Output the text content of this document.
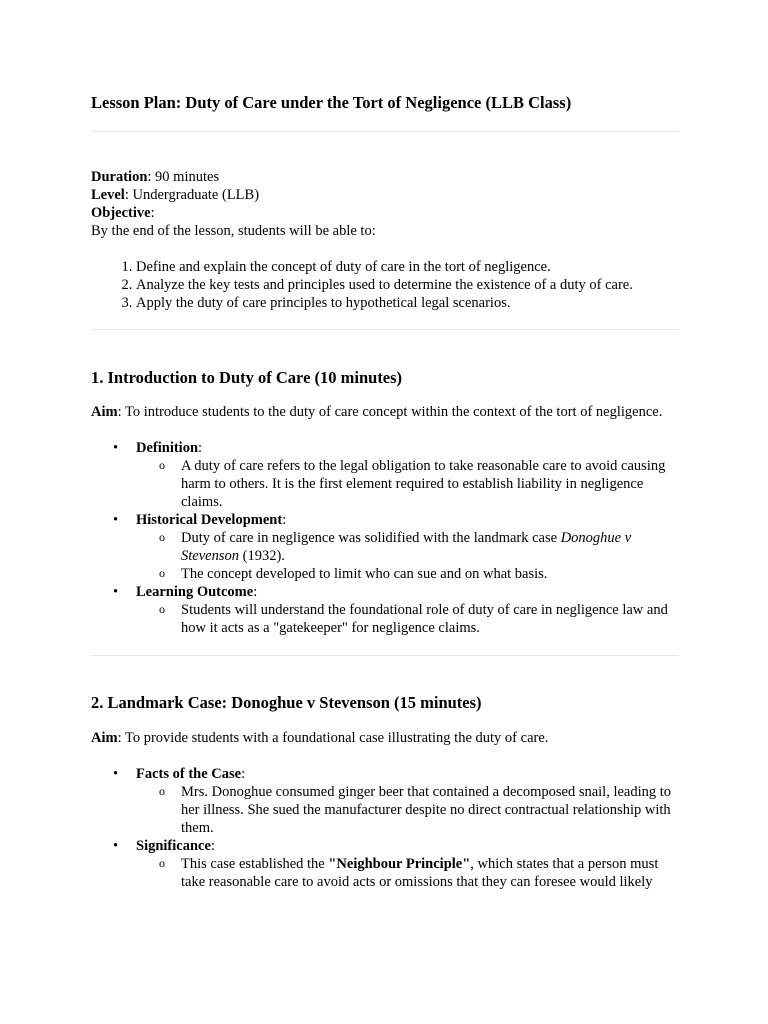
Lesson Plan: Duty of Care under the Tort of Negligence (LLB Class)

Duration: 90 minutes

Level: Undergraduate (LLB)

Objective:

By the end of the lesson, students will be able to:

1. Define and explain the concept of duty of care in the tort of negligence.
2. Analyze the key tests and principles used to determine the existence of a duty of care.
3. Apply the duty of care principles to hypothetical legal scenarios.
1. Introduction to Duty of Care (10 minutes)

Aim: To introduce students to the duty of care concept within the context of the tort of negligence.

• Definition:
o A duty of care refers to the legal obligation to take reasonable care to avoid causing harm to others. It is the first element required to establish liability in negligence claims.
• Historical Development:
o Duty of care in negligence was solidified with the landmark case Donoghue v Stevenson (1932).
o The concept developed to limit who can sue and on what basis.
• Learning Outcome:
o Students will understand the foundational role of duty of care in negligence law and how it acts as a "gatekeeper" for negligence claims.
2. Landmark Case: Donoghue v Stevenson (15 minutes)

Aim: To provide students with a foundational case illustrating the duty of care.

• Facts of the Case:
o Mrs. Donoghue consumed ginger beer that contained a decomposed snail, leading to her illness. She sued the manufacturer despite no direct contractual relationship with them.
• Significance:
o This case established the "Neighbour Principle", which states that a person must take reasonable care to avoid acts or omissions that they can foresee would likely
